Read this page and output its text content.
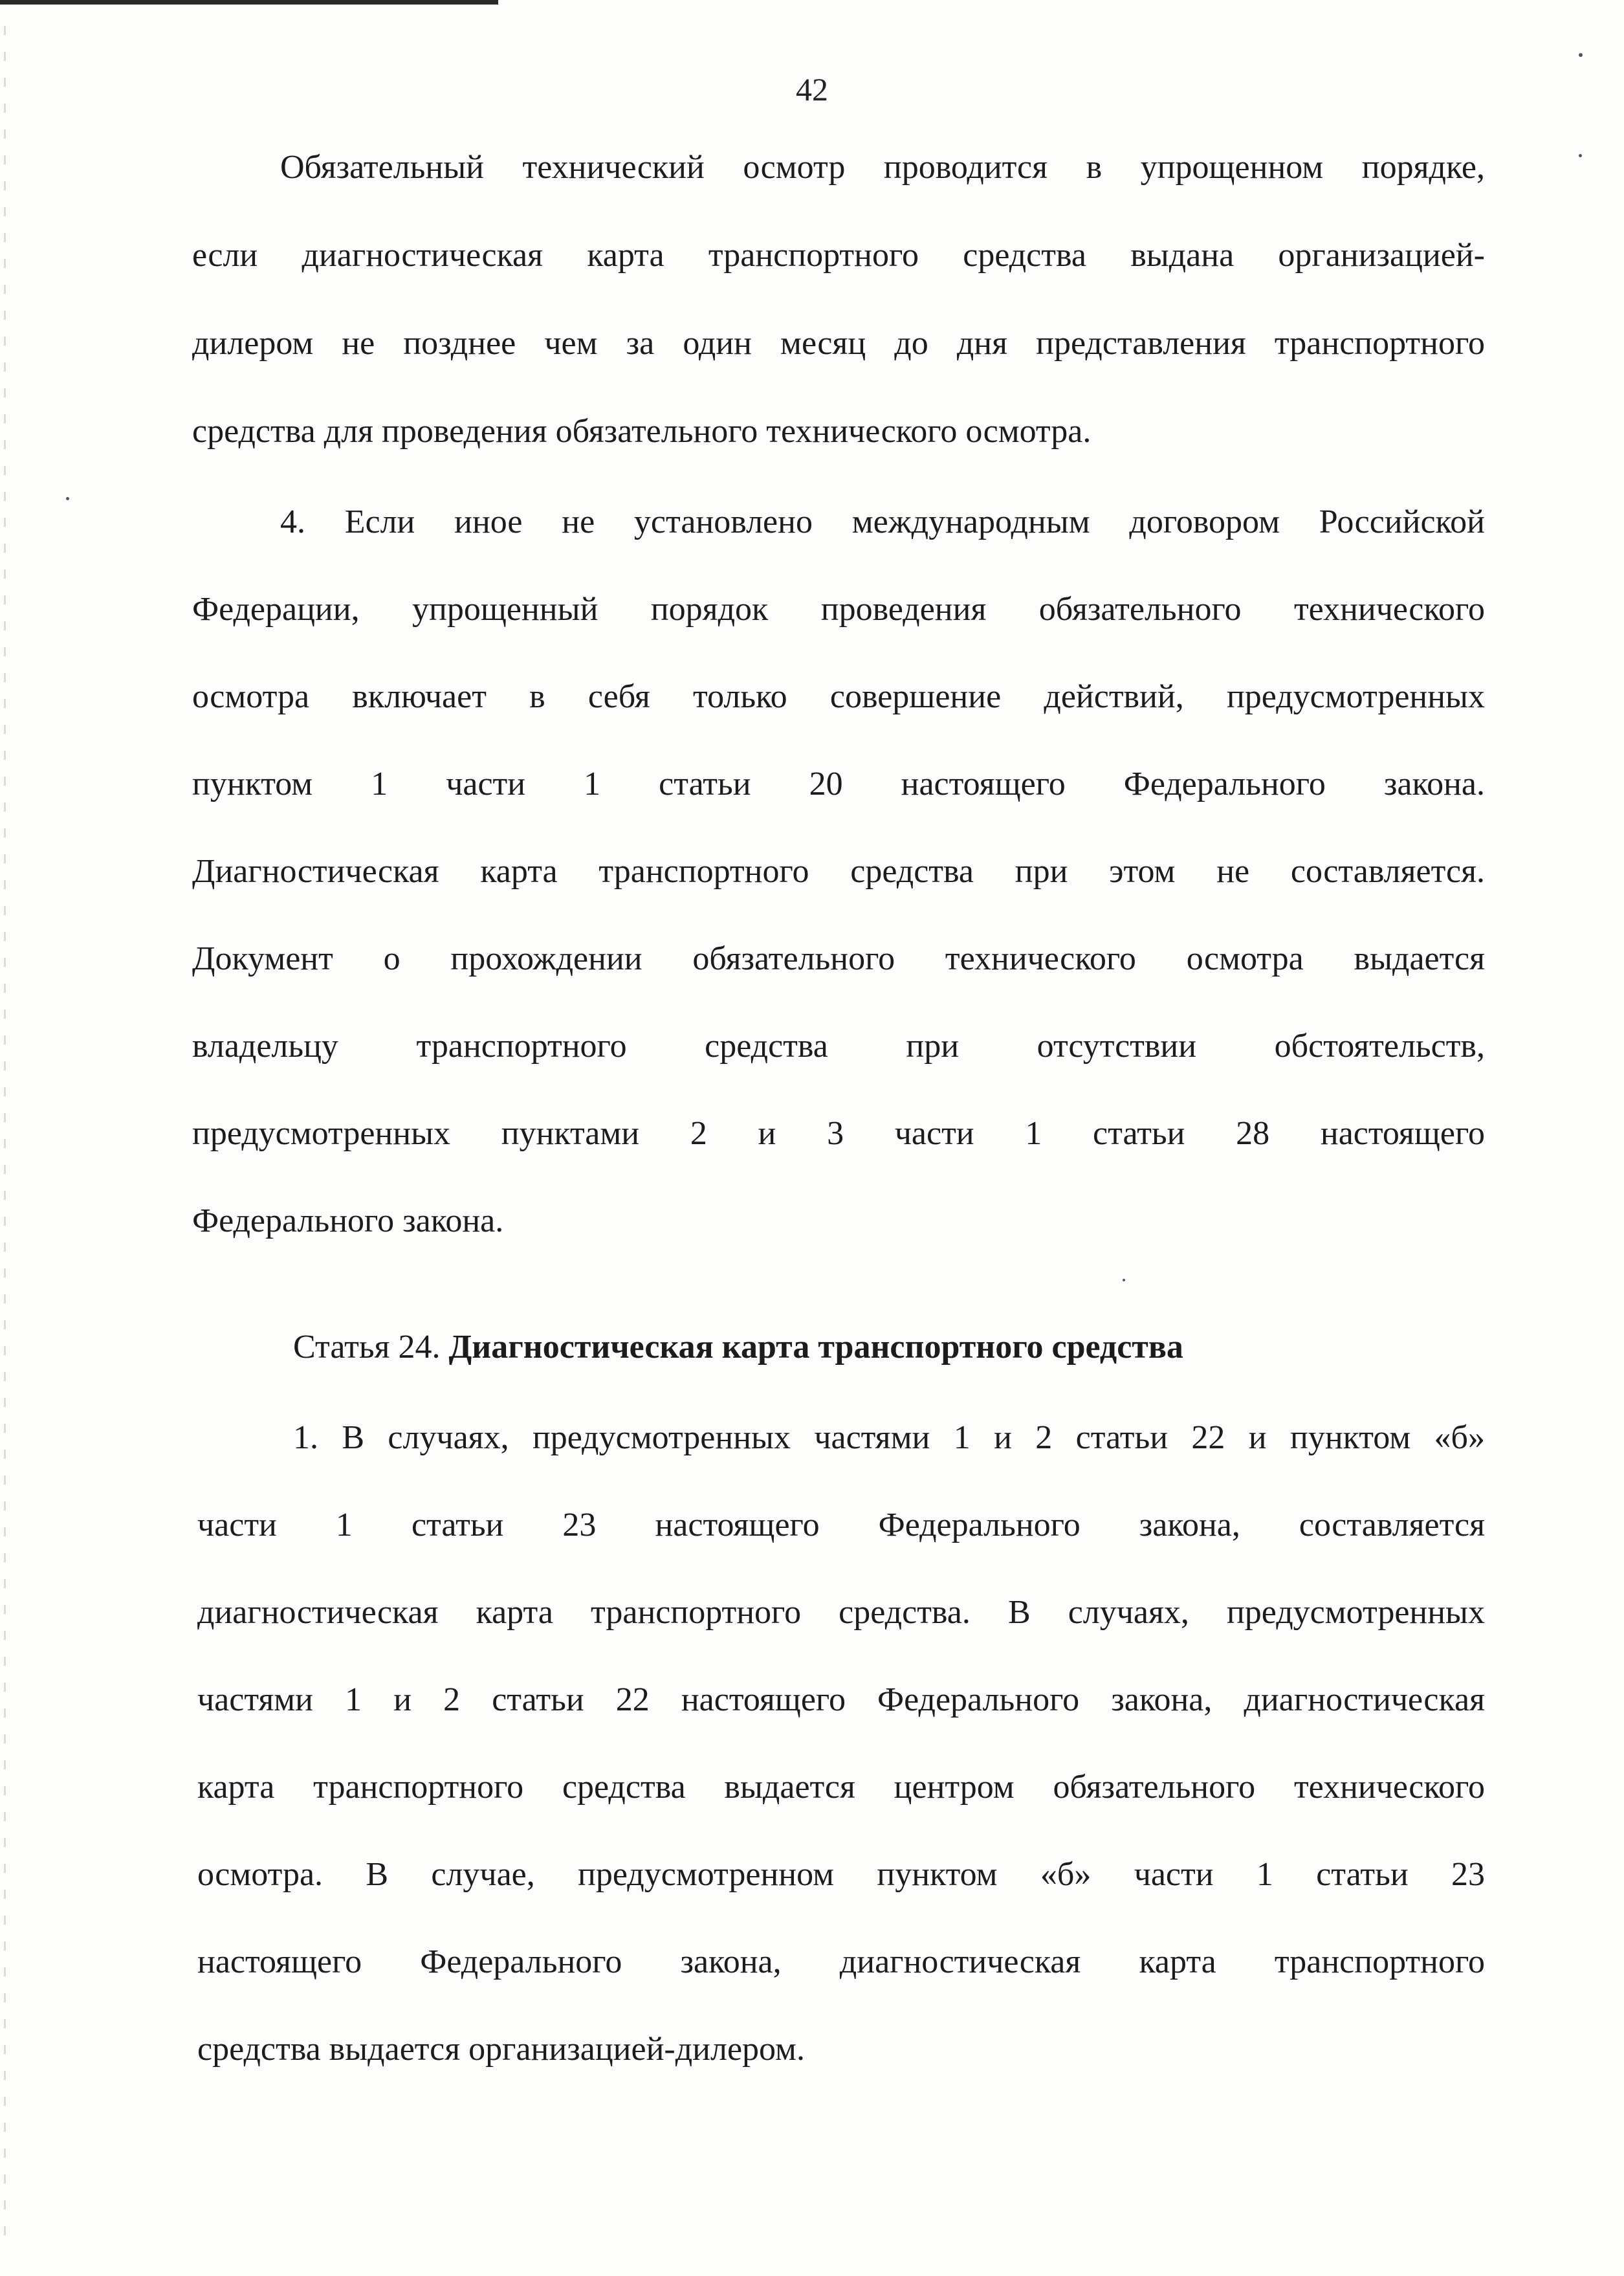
42
Обязательный технический осмотр проводится в упрощенном порядке,
если диагностическая карта транспортного средства выдана организацией-
дилером не позднее чем за один месяц до дня представления транспортного
средства для проведения обязательного технического осмотра.
4. Если иное не установлено международным договором Российской
Федерации, упрощенный порядок проведения обязательного технического
осмотра включает в себя только совершение действий, предусмотренных
пунктом 1 части 1 статьи 20 настоящего Федерального закона.
Диагностическая карта транспортного средства при этом не составляется.
Документ о прохождении обязательного технического осмотра выдается
владельцу транспортного средства при отсутствии обстоятельств,
предусмотренных пунктами 2 и 3 части 1 статьи 28 настоящего
Федерального закона.
Статья 24. Диагностическая карта транспортного средства
1. В случаях, предусмотренных частями 1 и 2 статьи 22 и пунктом «б»
части 1 статьи 23 настоящего Федерального закона, составляется
диагностическая карта транспортного средства. В случаях, предусмотренных
частями 1 и 2 статьи 22 настоящего Федерального закона, диагностическая
карта транспортного средства выдается центром обязательного технического
осмотра. В случае, предусмотренном пунктом «б» части 1 статьи 23
настоящего Федерального закона, диагностическая карта транспортного
средства выдается организацией-дилером.
